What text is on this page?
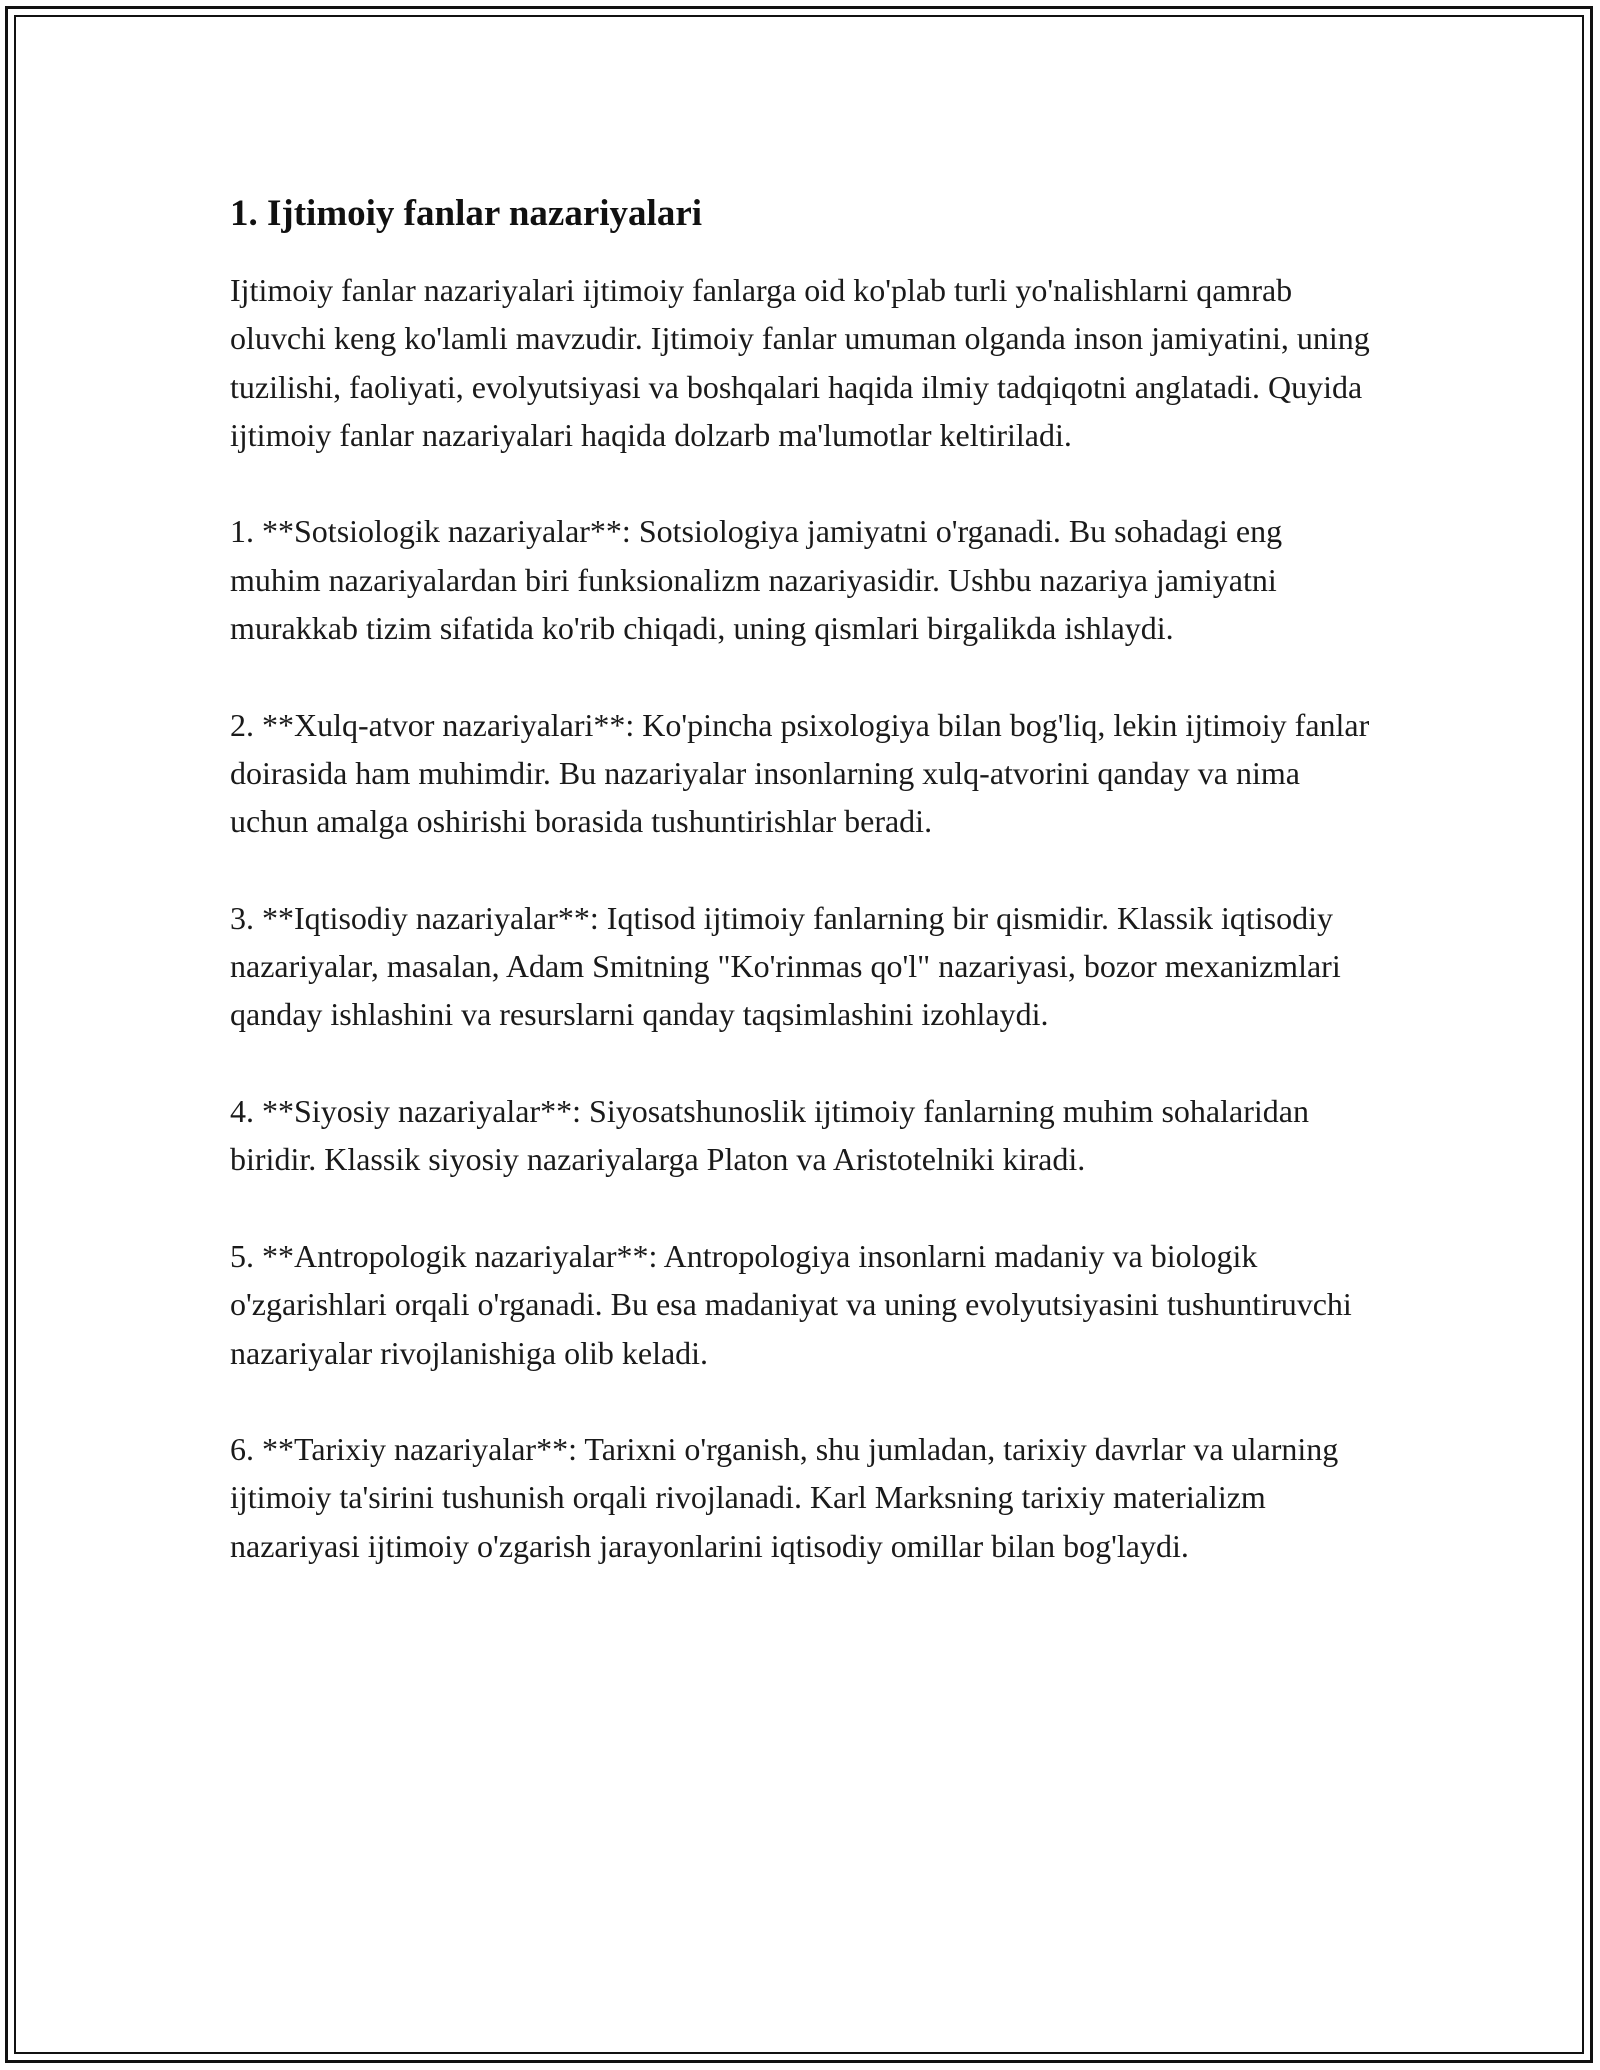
1. Ijtimoiy fanlar nazariyalari

Ijtimoiy fanlar nazariyalari ijtimoiy fanlarga oid ko'plab turli yo'nalishlarni qamrab oluvchi keng ko'lamli mavzudir. Ijtimoiy fanlar umuman olganda inson jamiyatini, uning tuzilishi, faoliyati, evolyutsiyasi va boshqalari haqida ilmiy tadqiqotni anglatadi. Quyida ijtimoiy fanlar nazariyalari haqida dolzarb ma'lumotlar keltiriladi.

1. **Sotsiologik nazariyalar**: Sotsiologiya jamiyatni o'rganadi. Bu sohadagi eng muhim nazariyalardan biri funksionalizm nazariyasidir. Ushbu nazariya jamiyatni murakkab tizim sifatida ko'rib chiqadi, uning qismlari birgalikda ishlaydi.

2. **Xulq-atvor nazariyalari**: Ko'pincha psixologiya bilan bog'liq, lekin ijtimoiy fanlar doirasida ham muhimdir. Bu nazariyalar insonlarning xulq-atvorini qanday va nima uchun amalga oshirishi borasida tushuntirishlar beradi.

3. **Iqtisodiy nazariyalar**: Iqtisod ijtimoiy fanlarning bir qismidir. Klassik iqtisodiy nazariyalar, masalan, Adam Smitning "Ko'rinmas qo'l" nazariyasi, bozor mexanizmlari qanday ishlashini va resurslarni qanday taqsimlashini izohlaydi.

4. **Siyosiy nazariyalar**: Siyosatshunoslik ijtimoiy fanlarning muhim sohalaridan biridir. Klassik siyosiy nazariyalarga Platon va Aristotelniki kiradi.

5. **Antropologik nazariyalar**: Antropologiya insonlarni madaniy va biologik o'zgarishlari orqali o'rganadi. Bu esa madaniyat va uning evolyutsiyasini tushuntiruvchi nazariyalar rivojlanishiga olib keladi.

6. **Tarixiy nazariyalar**: Tarixni o'rganish, shu jumladan, tarixiy davrlar va ularning ijtimoiy ta'sirini tushunish orqali rivojlanadi. Karl Marksning tarixiy materializm nazariyasi ijtimoiy o'zgarish jarayonlarini iqtisodiy omillar bilan bog'laydi.
